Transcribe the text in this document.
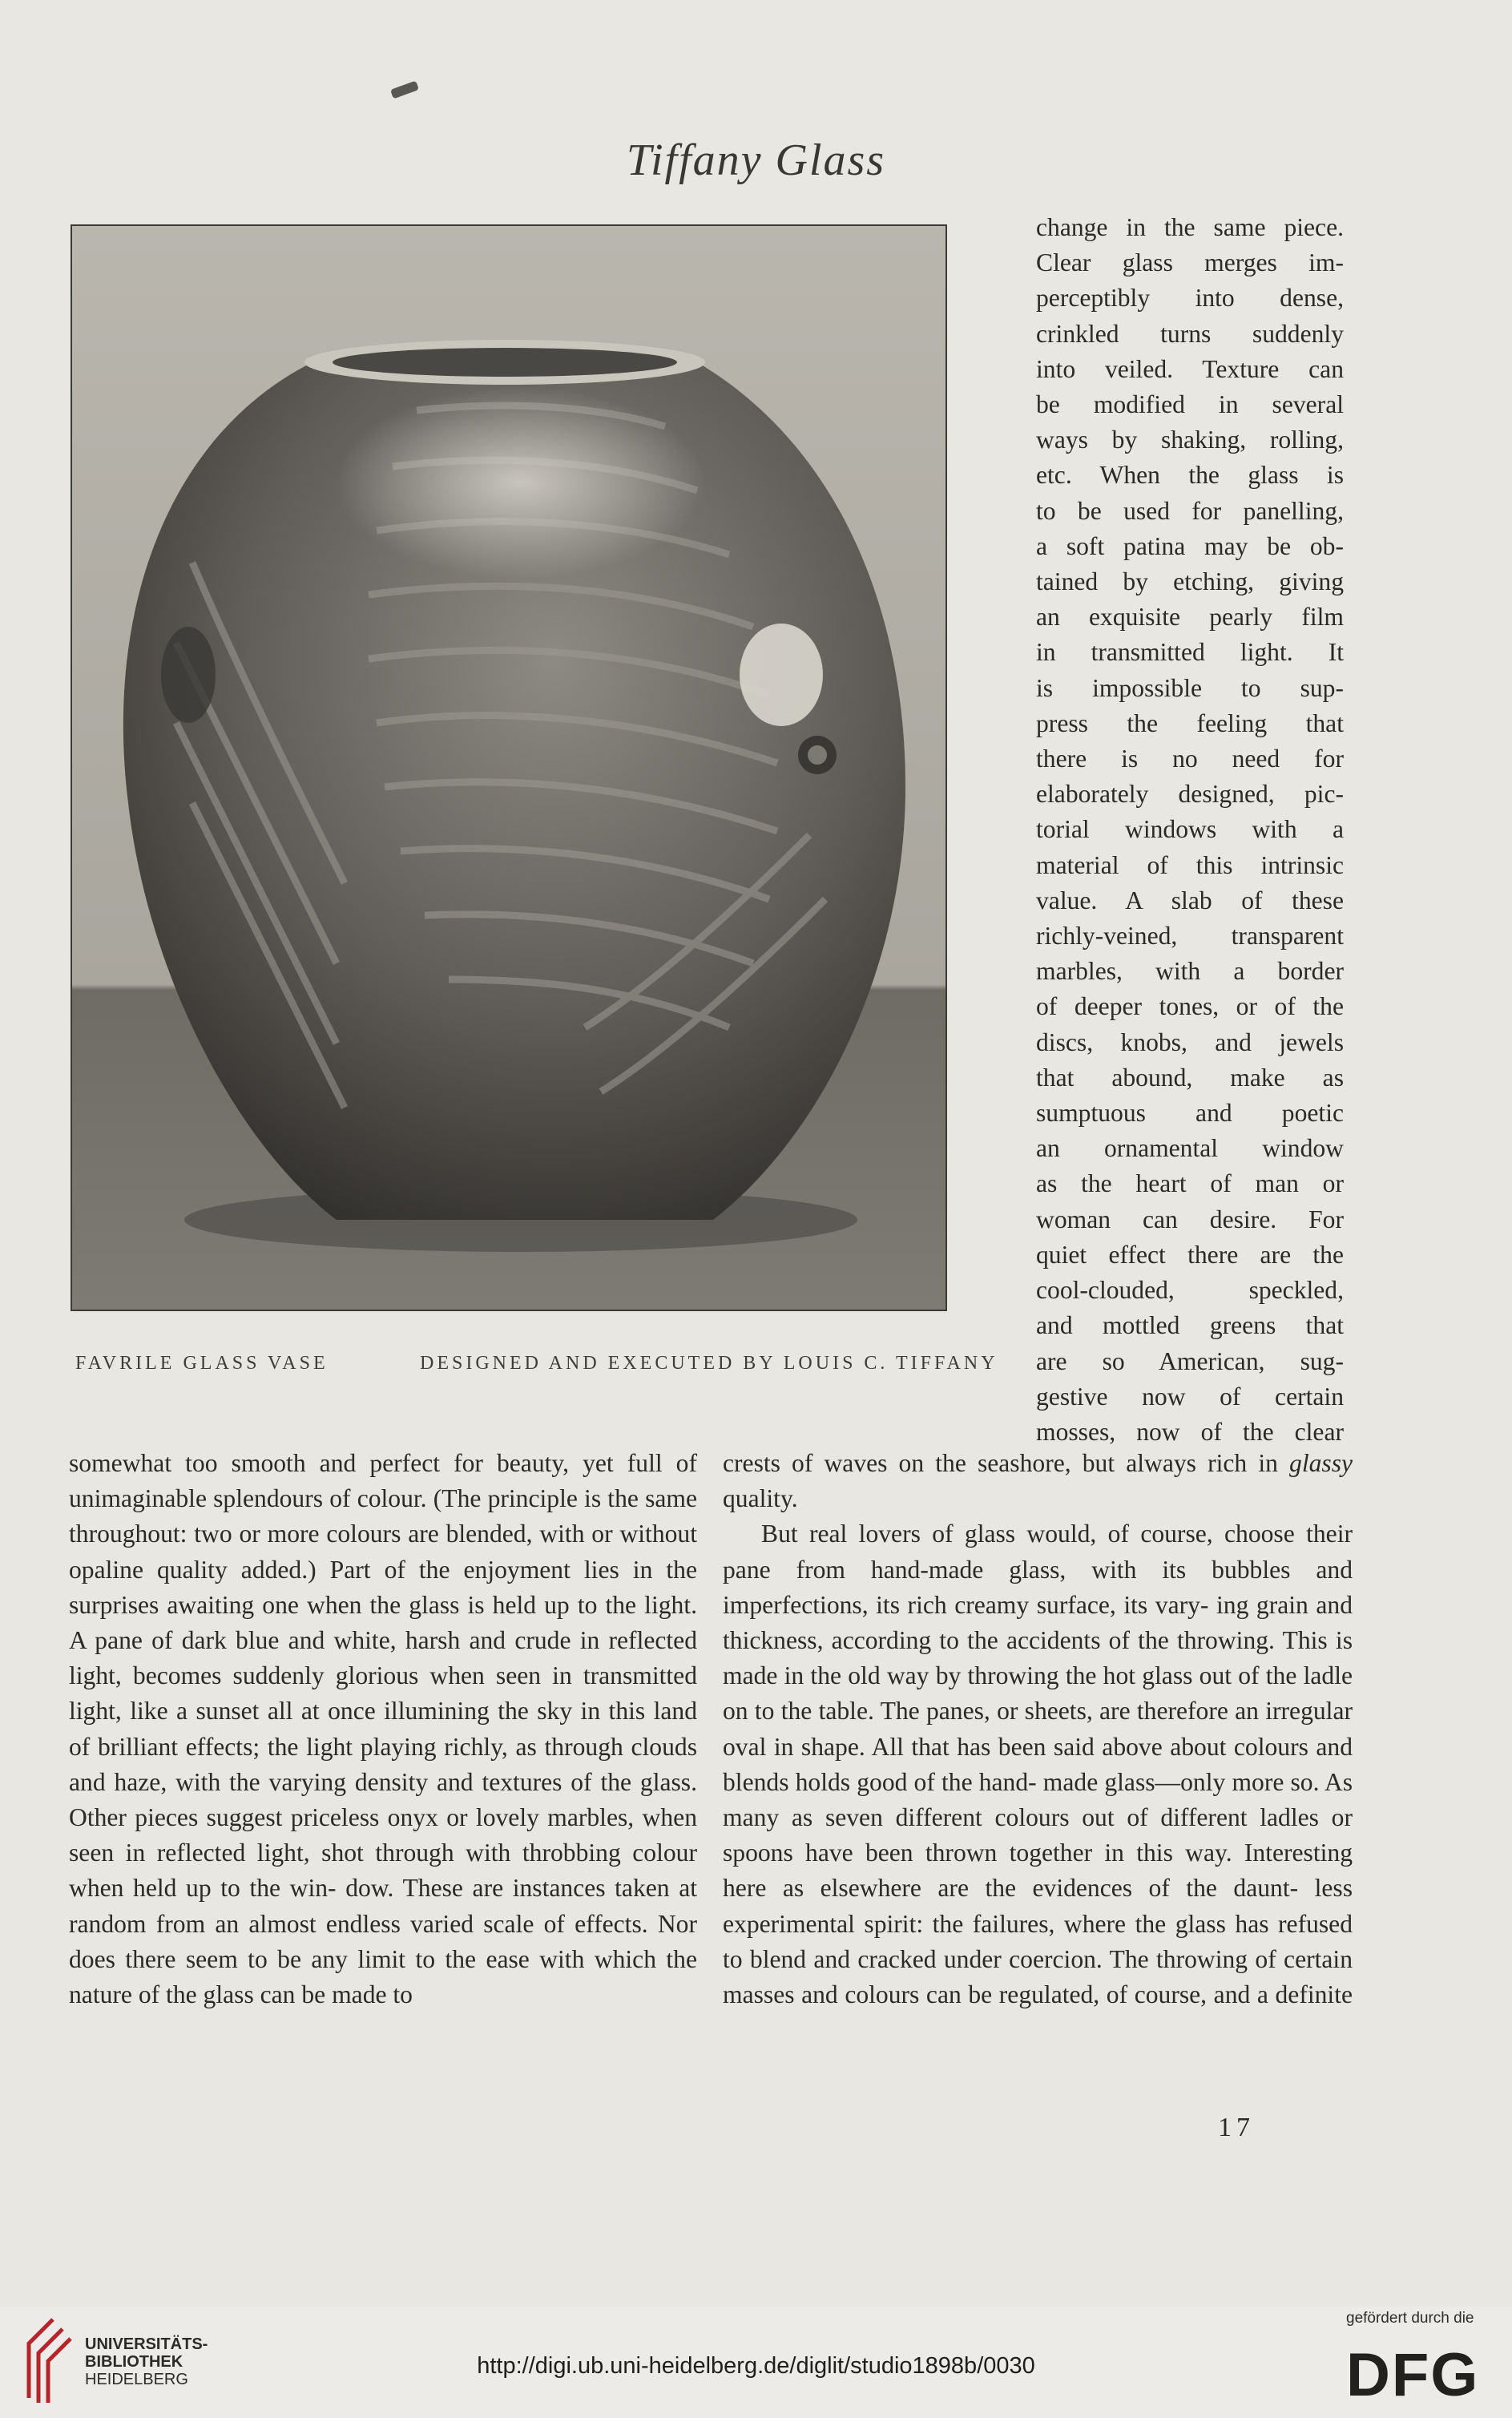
Tiffany Glass
FAVRILE GLASS VASE	DESIGNED AND EXECUTED BY LOUIS C. TIFFANY

change in the same piece.

Clear glass merges im-

perceptibly into dense,

crinkled turns suddenly

into veiled. Texture can

be modified in several

ways by shaking, rolling,

etc. When the glass is

to be used for panelling,

a soft patina may be ob-

tained by etching, giving

an exquisite pearly film

in transmitted light. It

is impossible to sup-

press the feeling that

there is no need for

elaborately designed, pic-

torial windows with a

material of this intrinsic

value. A slab of these

richly-veined, transparent

marbles, with a border

of deeper tones, or of the

discs, knobs, and jewels

that abound, make as

sumptuous and poetic

an ornamental window

as the heart of man or

woman can desire. For

quiet effect there are the

cool-clouded, speckled,

and mottled greens that

are so American, sug-

gestive now of certain

mosses, now of the clear

somewhat too smooth and perfect for beauty, yet full of unimaginable splendours of colour. (The principle is the same throughout: two or more colours are blended, with or without opaline quality added.) Part of the enjoyment lies in the surprises awaiting one when the glass is held up to the light. A pane of dark blue and white, harsh and crude in reflected light, becomes suddenly glorious when seen in transmitted light, like a sunset all at once illumining the sky in this land of brilliant effects; the light playing richly, as through clouds and haze, with the varying density and textures of the glass. Other pieces suggest priceless onyx or lovely marbles, when seen in reflected light, shot through with throbbing colour when held up to the win- dow. These are instances taken at random from an almost endless varied scale of effects. Nor does there seem to be any limit to the ease with which the nature of the glass can be made to

crests of waves on the seashore, but always rich in glassy quality.

But real lovers of glass would, of course, choose their pane from hand-made glass, with its bubbles and imperfections, its rich creamy surface, its vary- ing grain and thickness, according to the accidents of the throwing. This is made in the old way by throwing the hot glass out of the ladle on to the table. The panes, or sheets, are therefore an irregular oval in shape. All that has been said above about colours and blends holds good of the hand- made glass—only more so. As many as seven different colours out of different ladles or spoons have been thrown together in this way. Interesting here as elsewhere are the evidences of the daunt- less experimental spirit: the failures, where the glass has refused to blend and cracked under coercion. The throwing of certain masses and colours can be regulated, of course, and a definite

17
UNIVERSITÄTS-
BIBLIOTHEK
HEIDELBERG
http://digi.ub.uni-heidelberg.de/diglit/studio1898b/0030
gefördert durch die
DFG
